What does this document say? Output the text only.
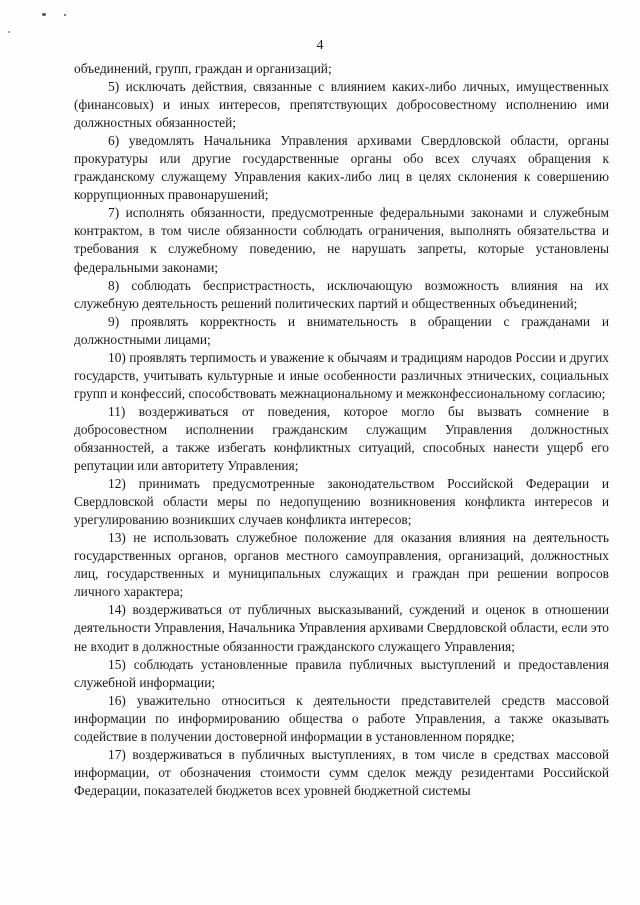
4

объединений, групп, граждан и организаций;

5) исключать действия, связанные с влиянием каких-либо личных, имущественных (финансовых) и иных интересов, препятствующих добросовестному исполнению ими должностных обязанностей;

6) уведомлять Начальника Управления архивами Свердловской области, органы прокуратуры или другие государственные органы обо всех случаях обращения к гражданскому служащему Управления каких-либо лиц в целях склонения к совершению коррупционных правонарушений;

7) исполнять обязанности, предусмотренные федеральными законами и служебным контрактом, в том числе обязанности соблюдать ограничения, выполнять обязательства и требования к служебному поведению, не нарушать запреты, которые установлены федеральными законами;

8) соблюдать беспристрастность, исключающую возможность влияния на их служебную деятельность решений политических партий и общественных объединений;

9) проявлять корректность и внимательность в обращении с гражданами и должностными лицами;

10) проявлять терпимость и уважение к обычаям и традициям народов России и других государств, учитывать культурные и иные особенности различных этнических, социальных групп и конфессий, способствовать межнациональному и межконфессиональному согласию;

11) воздерживаться от поведения, которое могло бы вызвать сомнение в добросовестном исполнении гражданским служащим Управления должностных обязанностей, а также избегать конфликтных ситуаций, способных нанести ущерб его репутации или авторитету Управления;

12) принимать предусмотренные законодательством Российской Федерации и Свердловской области меры по недопущению возникновения конфликта интересов и урегулированию возникших случаев конфликта интересов;

13) не использовать служебное положение для оказания влияния на деятельность государственных органов, органов местного самоуправления, организаций, должностных лиц, государственных и муниципальных служащих и граждан при решении вопросов личного характера;

14) воздерживаться от публичных высказываний, суждений и оценок в отношении деятельности Управления, Начальника Управления архивами Свердловской области, если это не входит в должностные обязанности гражданского служащего Управления;

15) соблюдать установленные правила публичных выступлений и предоставления служебной информации;

16) уважительно относиться к деятельности представителей средств массовой информации по информированию общества о работе Управления, а также оказывать содействие в получении достоверной информации в установленном порядке;

17) воздерживаться в публичных выступлениях, в том числе в средствах массовой информации, от обозначения стоимости сумм сделок между резидентами Российской Федерации, показателей бюджетов всех уровней бюджетной системы
